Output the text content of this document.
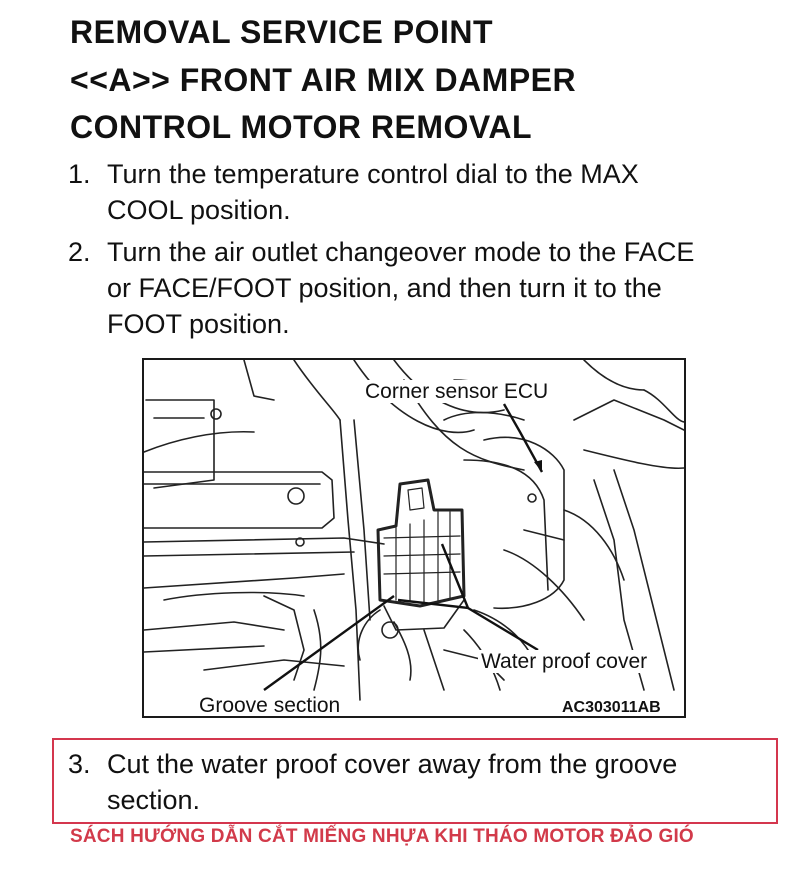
REMOVAL SERVICE POINT
<<A>> FRONT AIR MIX DAMPER
CONTROL MOTOR REMOVAL
1. Turn the temperature control dial to the MAX
COOL position.
2. Turn the air outlet changeover mode to the FACE
or FACE/FOOT position, and then turn it to the
FOOT position.
Corner sensor ECU
Water proof cover
Groove section	AC303011AB
3. Cut the water proof cover away from the groove
section.

SÁCH HƯỚNG DẪN CẮT MIẾNG NHỰA KHI THÁO MOTOR ĐẢO GIÓ
